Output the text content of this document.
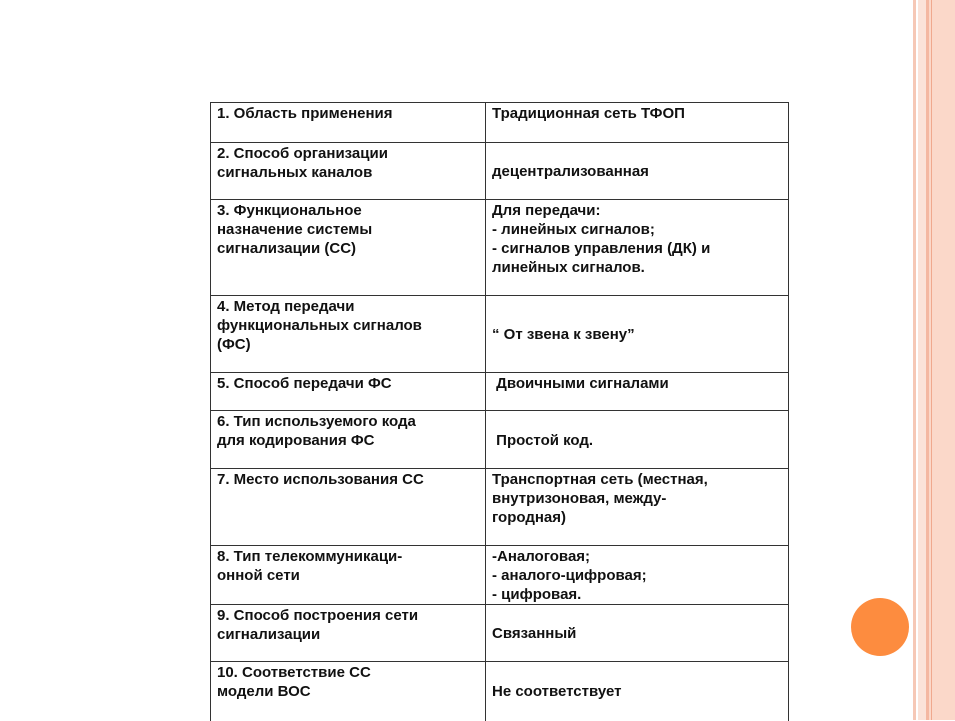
1. Область применения	Традиционная сеть ТФОП

2. Способ организации
сигнальных каналов	децентрализованная

3. Функциональное
назначение системы
сигнализации (СС)	Для передачи:
- линейных сигналов;
- сигналов управления (ДК) и
линейных сигналов.

4. Метод передачи
функциональных сигналов
(ФС)	“ От звена к звену”

5. Способ передачи ФС	Двоичными сигналами

6. Тип используемого кода
для кодирования ФС	Простой код.

7. Место использования СС	Транспортная сеть (местная,
внутризоновая, между-
городная)

8. Тип телекоммуникаци-
онной сети	-Аналоговая;
- аналого-цифровая;
- цифровая.

9. Способ построения сети
сигнализации	Связанный

10. Соответствие СС
модели ВОС	Не соответствует
